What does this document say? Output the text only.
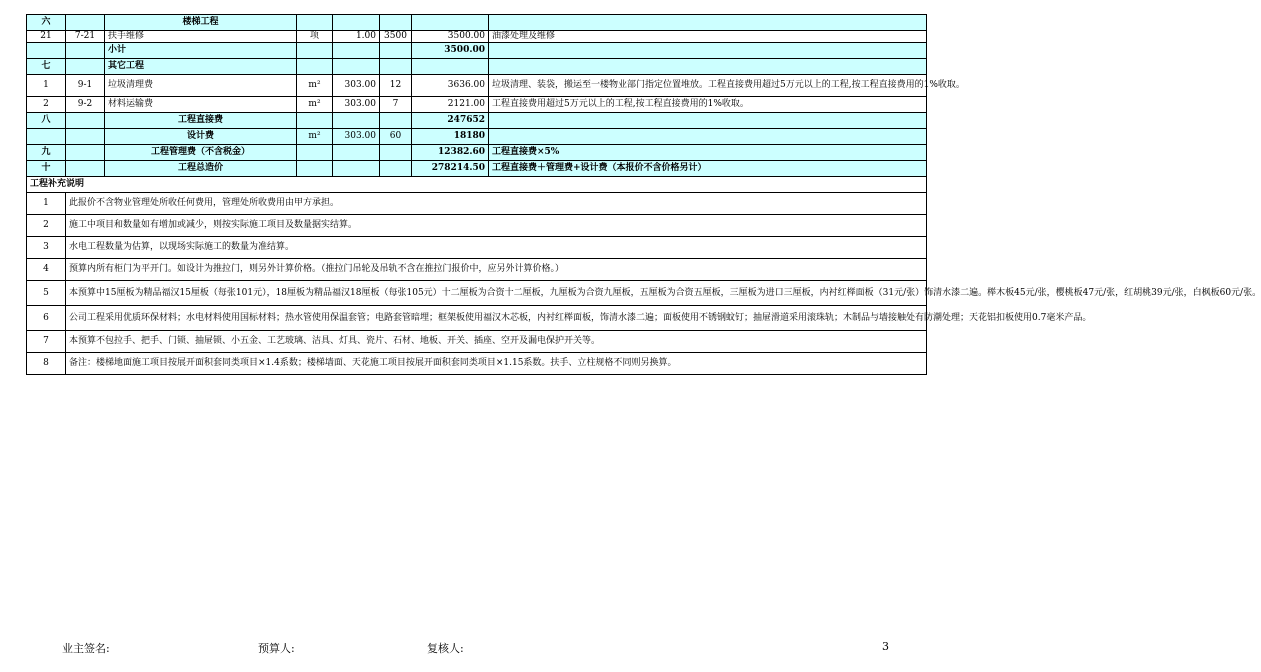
六		楼梯工程					
21	7-21	扶手维修	项	1.00	3500	3500.00	油漆处理及维修
		小计				3500.00	
七		其它工程					
1	9-1	垃圾清理费	m²	303.00	12	3636.00	垃圾清理、装袋，搬运至一楼物业部门指定位置堆放。工程直接费用超过5万元以上的工程,按工程直接费用的1%收取。
2	9-2	材料运输费	m²	303.00	7	2121.00	工程直接费用超过5万元以上的工程,按工程直接费用的1%收取。
八		工程直接费				247652	
		设计费	m²	303.00	60	18180	
九		工程管理费（不含税金）				12382.60	工程直接费×5%
十		工程总造价				278214.50	工程直接费＋管理费+设计费（本报价不含价格另计）
工程补充说明							
1	此报价不含物业管理处所收任何费用，管理处所收费用由甲方承担。						
2	施工中项目和数量如有增加或减少，则按实际施工项目及数量据实结算。						
3	水电工程数量为估算，以现场实际施工的数量为准结算。						
4	预算内所有柜门为平开门。如设计为推拉门，则另外计算价格。（推拉门吊轮及吊轨不含在推拉门报价中，应另外计算价格。）						
5	本预算中15厘板为精品福汉15厘板（每张101元），18厘板为精品福汉18厘板（每张105元）十二厘板为合资十二厘板，九厘板为合资九厘板，五厘板为合资五厘板，三厘板为进口三厘板，内衬红榉面板（31元/张）饰清水漆二遍。榉木板45元/张，樱桃板47元/张，红胡桃39元/张，白枫板60元/张。						
6	公司工程采用优质环保材料；水电材料使用国标材料；热水管使用保温套管；电路套管暗埋；框架板使用福汉木芯板，内衬红榉面板，饰清水漆二遍；面板使用不锈钢蚊钉；抽屉滑道采用滚珠轨；木制品与墙接触处有防潮处理；天花铝扣板使用0.7毫米产品。						
7	本预算不包拉手、把手、门锁、抽屉锁、小五金、工艺玻璃、洁具、灯具、瓷片、石材、地板、开关、插座、空开及漏电保护开关等。						
8	备注：楼梯地面施工项目按展开面积套同类项目×1.4系数；楼梯墙面、天花施工项目按展开面积套同类项目×1.15系数。扶手、立柱规格不同则另换算。						
业主签名:	预算人:	复核人:	3
